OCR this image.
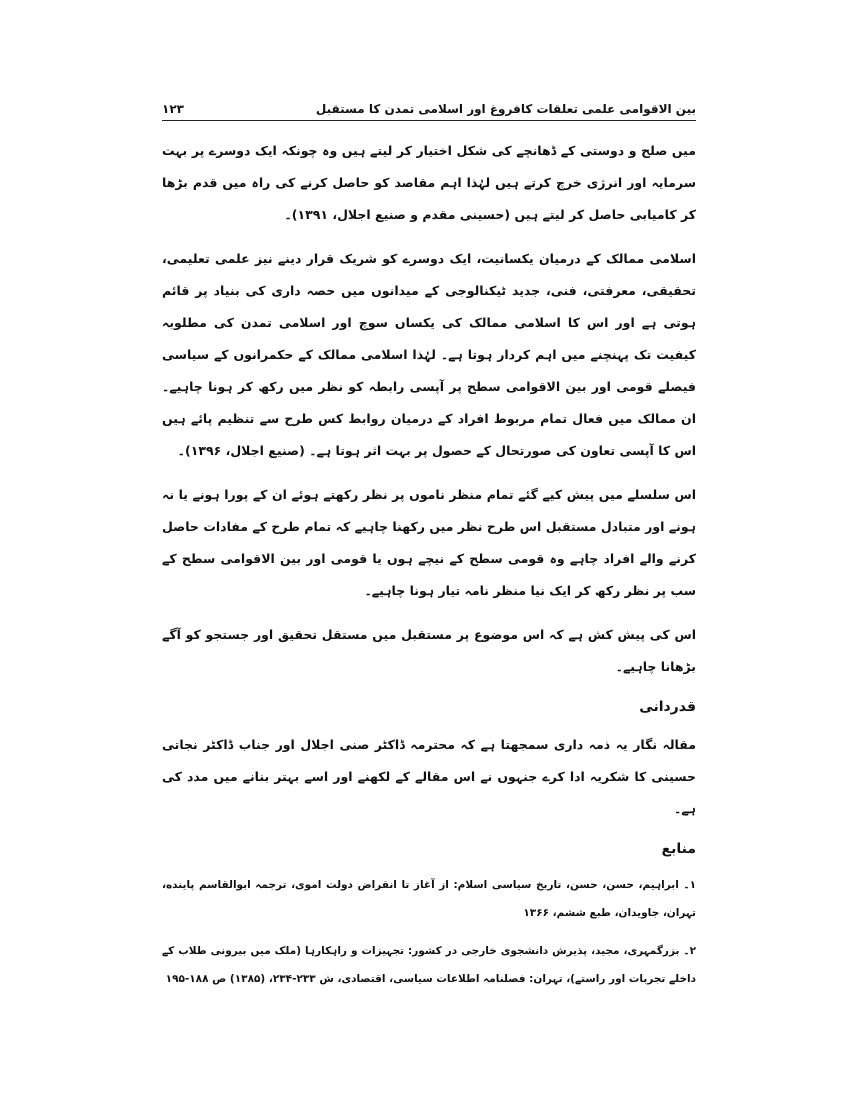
بین الاقوامی علمی تعلقات کافروغ اور اسلامی تمدن کا مستقبل
۱۲۳

میں صلح و دوستی کے ڈھانچے کی شکل اختیار کر لیتے ہیں وہ چونکہ ایک دوسرے پر بہت سرمایہ اور انرژی خرچ کرتے ہیں لہٰذا اہم مقاصد کو حاصل کرنے کی راہ میں قدم بڑھا کر کامیابی حاصل کر لیتے ہیں (حسینی مقدم و صنیع اجلال، ۱۳۹۱)۔

اسلامی ممالک کے درمیان یکسانیت، ایک دوسرے کو شریک قرار دینے نیز علمی تعلیمی، تحقیقی، معرفتی، فنی، جدید ٹیکنالوجی کے میدانوں میں حصہ داری کی بنیاد پر قائم ہوتی ہے اور اس کا اسلامی ممالک کی یکساں سوچ اور اسلامی تمدن کی مطلوبہ کیفیت تک پہنچنے میں اہم کردار ہوتا ہے۔ لہٰذا اسلامی ممالک کے حکمرانوں کے سیاسی فیصلے قومی اور بین الاقوامی سطح پر آپسی رابطہ کو نظر میں رکھ کر ہونا چاہیے۔ ان ممالک میں فعال تمام مربوط افراد کے درمیان روابط کس طرح سے تنظیم پائے ہیں اس کا آپسی تعاون کی صورتحال کے حصول پر بہت اثر ہوتا ہے۔ (صنیع اجلال، ۱۳۹۶)۔

اس سلسلے میں پیش کیے گئے تمام منظر ناموں پر نظر رکھتے ہوئے ان کے پورا ہونے یا نہ ہونے اور متبادل مستقبل اس طرح نظر میں رکھنا چاہیے کہ تمام طرح کے مفادات حاصل کرنے والے افراد چاہے وہ قومی سطح کے نیچے ہوں یا قومی اور بین الاقوامی سطح کے سب پر نظر رکھ کر ایک نیا منظر نامہ تیار ہونا چاہیے۔

اس کی پیش کش ہے کہ اس موضوع پر مستقبل میں مستقل تحقیق اور جستجو کو آگے بڑھانا چاہیے۔

قدردانی

مقالہ نگار یہ ذمہ داری سمجھتا ہے کہ محترمہ ڈاکٹر صنی اجلال اور جناب ڈاکٹر نجاتی حسینی کا شکریہ ادا کرے جنہوں نے اس مقالے کے لکھنے اور اسے بہتر بنانے میں مدد کی ہے۔

منابع

۱۔ ابراہیم، حسن، حسن، تاریخ سیاسی اسلام: از آغاز تا انقراض دولت اموی، ترجمہ ابوالقاسم پاینده، تہران، جاویدان، طبع ششم، ۱۳۶۶

۲۔ بزرگمہری، مجید، پذیرش دانشجوی خارجی در کشور: تجہیزات و راہکارہا (ملک میں بیرونی طلاب کے داخلے تجربات اور راستے)، تہران: فصلنامہ اطلاعات سیاسی، اقتصادی، ش ۲۳۳-۲۳۴، (۱۳۸۵) ص ۱۸۸-۱۹۵
